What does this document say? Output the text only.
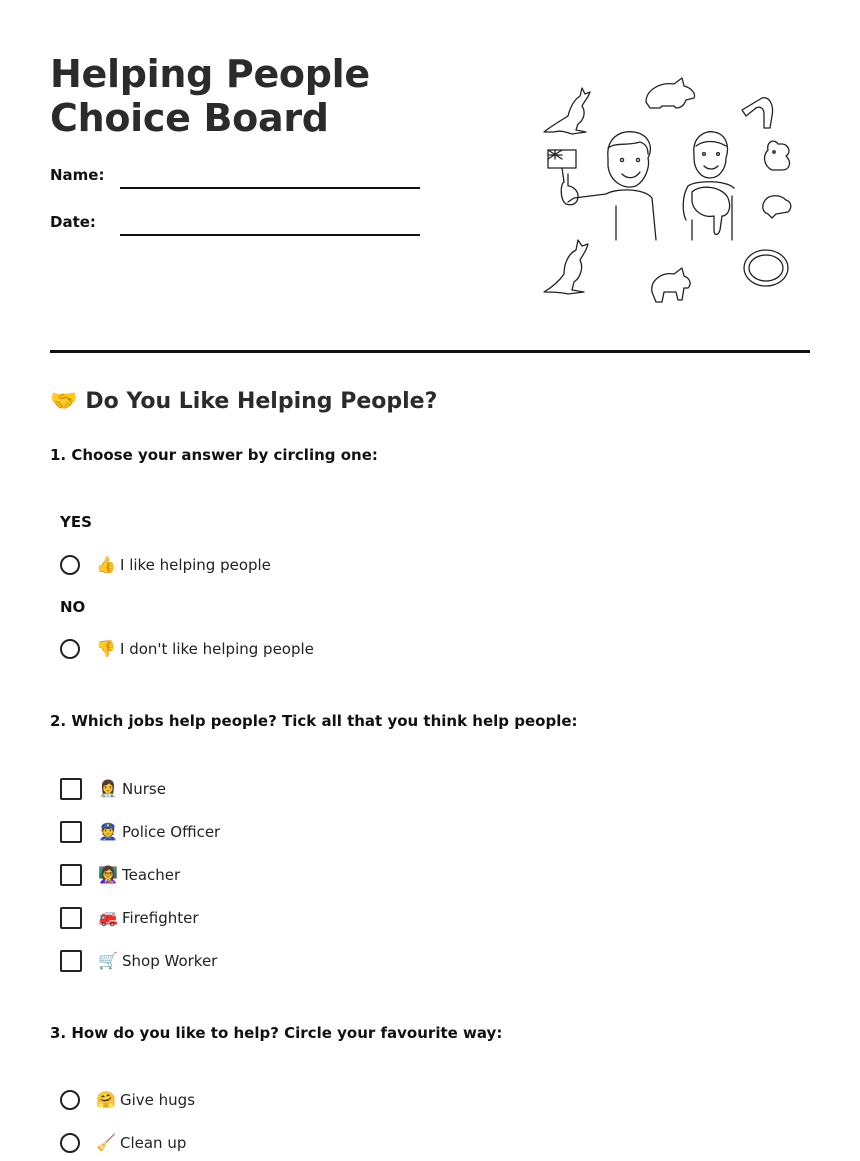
Helping People Choice Board
Name:
Date:
🤝 Do You Like Helping People?
1. Choose your answer by circling one:
YES
👍 I like helping people
NO
👎 I don't like helping people
2. Which jobs help people? Tick all that you think help people:
👩‍⚕️ Nurse
👮 Police Officer
👩‍🏫 Teacher
🚒 Firefighter
🛒 Shop Worker
3. How do you like to help? Circle your favourite way:
🤗 Give hugs
🧹 Clean up
